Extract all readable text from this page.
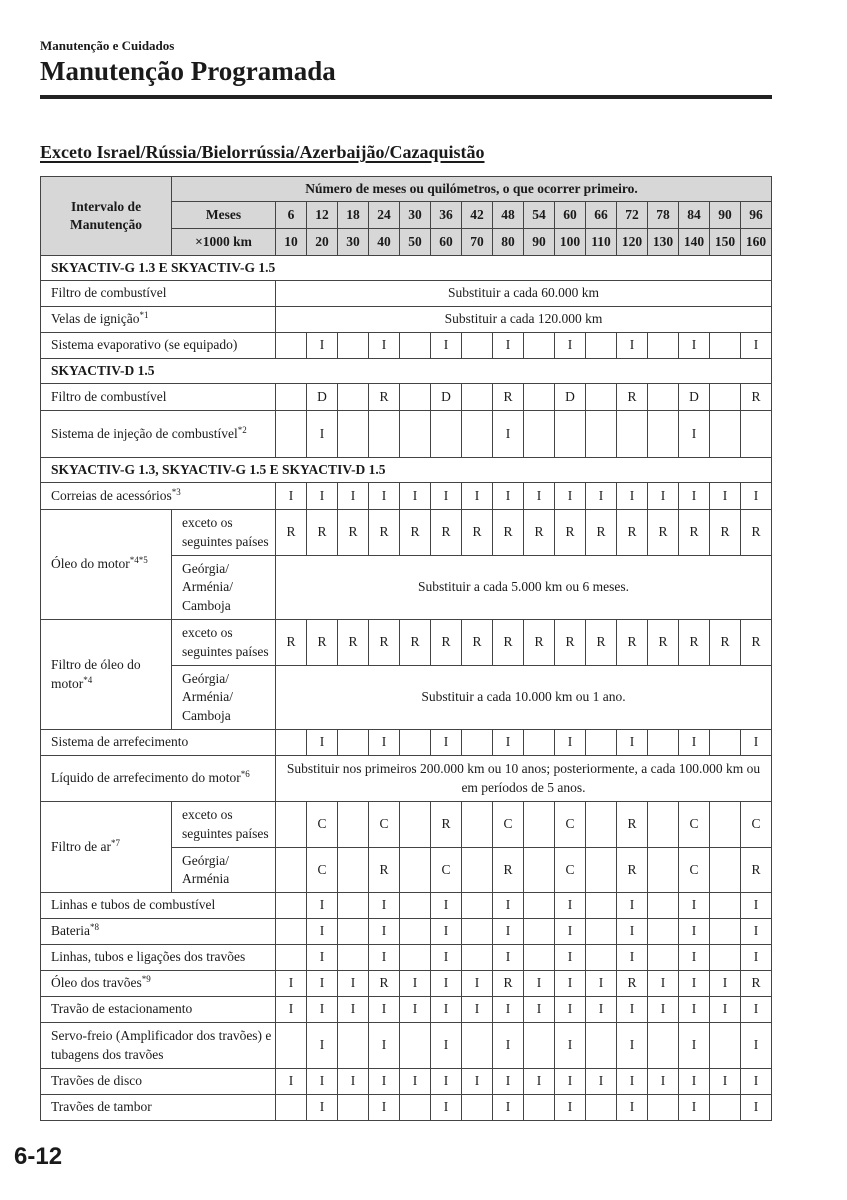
Manutenção e Cuidados
Manutenção Programada
Exceto Israel/Rússia/Bielorrússia/Azerbaijão/Cazaquistão
Intervalo de Manutenção	Número de meses ou quilómetros, o que ocorrer primeiro.																
	Meses	6	12	18	24	30	36	42	48	54	60	66	72	78	84	90	96
	×1000 km	10	20	30	40	50	60	70	80	90	100	110	120	130	140	150	160
SKYACTIV-G 1.3 E SKYACTIV-G 1.5																	
Filtro de combustível		Substituir a cada 60.000 km															
Velas de ignição$^{*1}$		Substituir a cada 120.000 km															
Sistema evaporativo (se equipado)			I		I		I		I		I		I		I		I
SKYACTIV-D 1.5																	
Filtro de combustível			D		R		D		R		D		R		D		R
Sistema de injeção de combustível$^{*2}$			I						I						I		
SKYACTIV-G 1.3, SKYACTIV-G 1.5 E SKYACTIV-D 1.5																	
Correias de acessórios$^{*3}$		I	I	I	I	I	I	I	I	I	I	I	I	I	I	I	I
Óleo do motor$^{*4*5}$	exceto os seguintes países	R	R	R	R	R	R	R	R	R	R	R	R	R	R	R	R
	Geórgia/ Arménia/ Camboja	Substituir a cada 5.000 km ou 6 meses.															
Filtro de óleo do motor$^{*4}$	exceto os seguintes países	R	R	R	R	R	R	R	R	R	R	R	R	R	R	R	R
	Geórgia/ Arménia/ Camboja	Substituir a cada 10.000 km ou 1 ano.															
Sistema de arrefecimento			I		I		I		I		I		I		I		I
Líquido de arrefecimento do motor$^{*6}$		Substituir nos primeiros 200.000 km ou 10 anos; posteriormente, a cada 100.000 km ou em períodos de 5 anos.															
Filtro de $ar^{*7}$	exceto os seguintes países		C		C		R		C		C		R		C		C
	Geórgia/ Arménia		C		R		C		R		C		R		C		R
Linhas e tubos de combustível			I		I		I		I		I		I		I		I
Bateria$^{*8}$			I		I		I		I		I		I		I		I
Linhas, tubos e ligações dos travões			I		I		I		I		I		I		I		I
Óleo dos travões$^{*9}$		I	I	I	R	I	I	I	R	I	I	I	R	I	I	I	R
Travão de estacionamento		I	I	I	I	I	I	I	I	I	I	I	I	I	I	I	I
Servo-freio (Amplificador dos travões) e tubagens dos travões			I		I		I		I		I		I		I		I
Travões de disco		I	I	I	I	I	I	I	I	I	I	I	I	I	I	I	I
Travões de tambor			I		I		I		I		I		I		I		I
6-12
